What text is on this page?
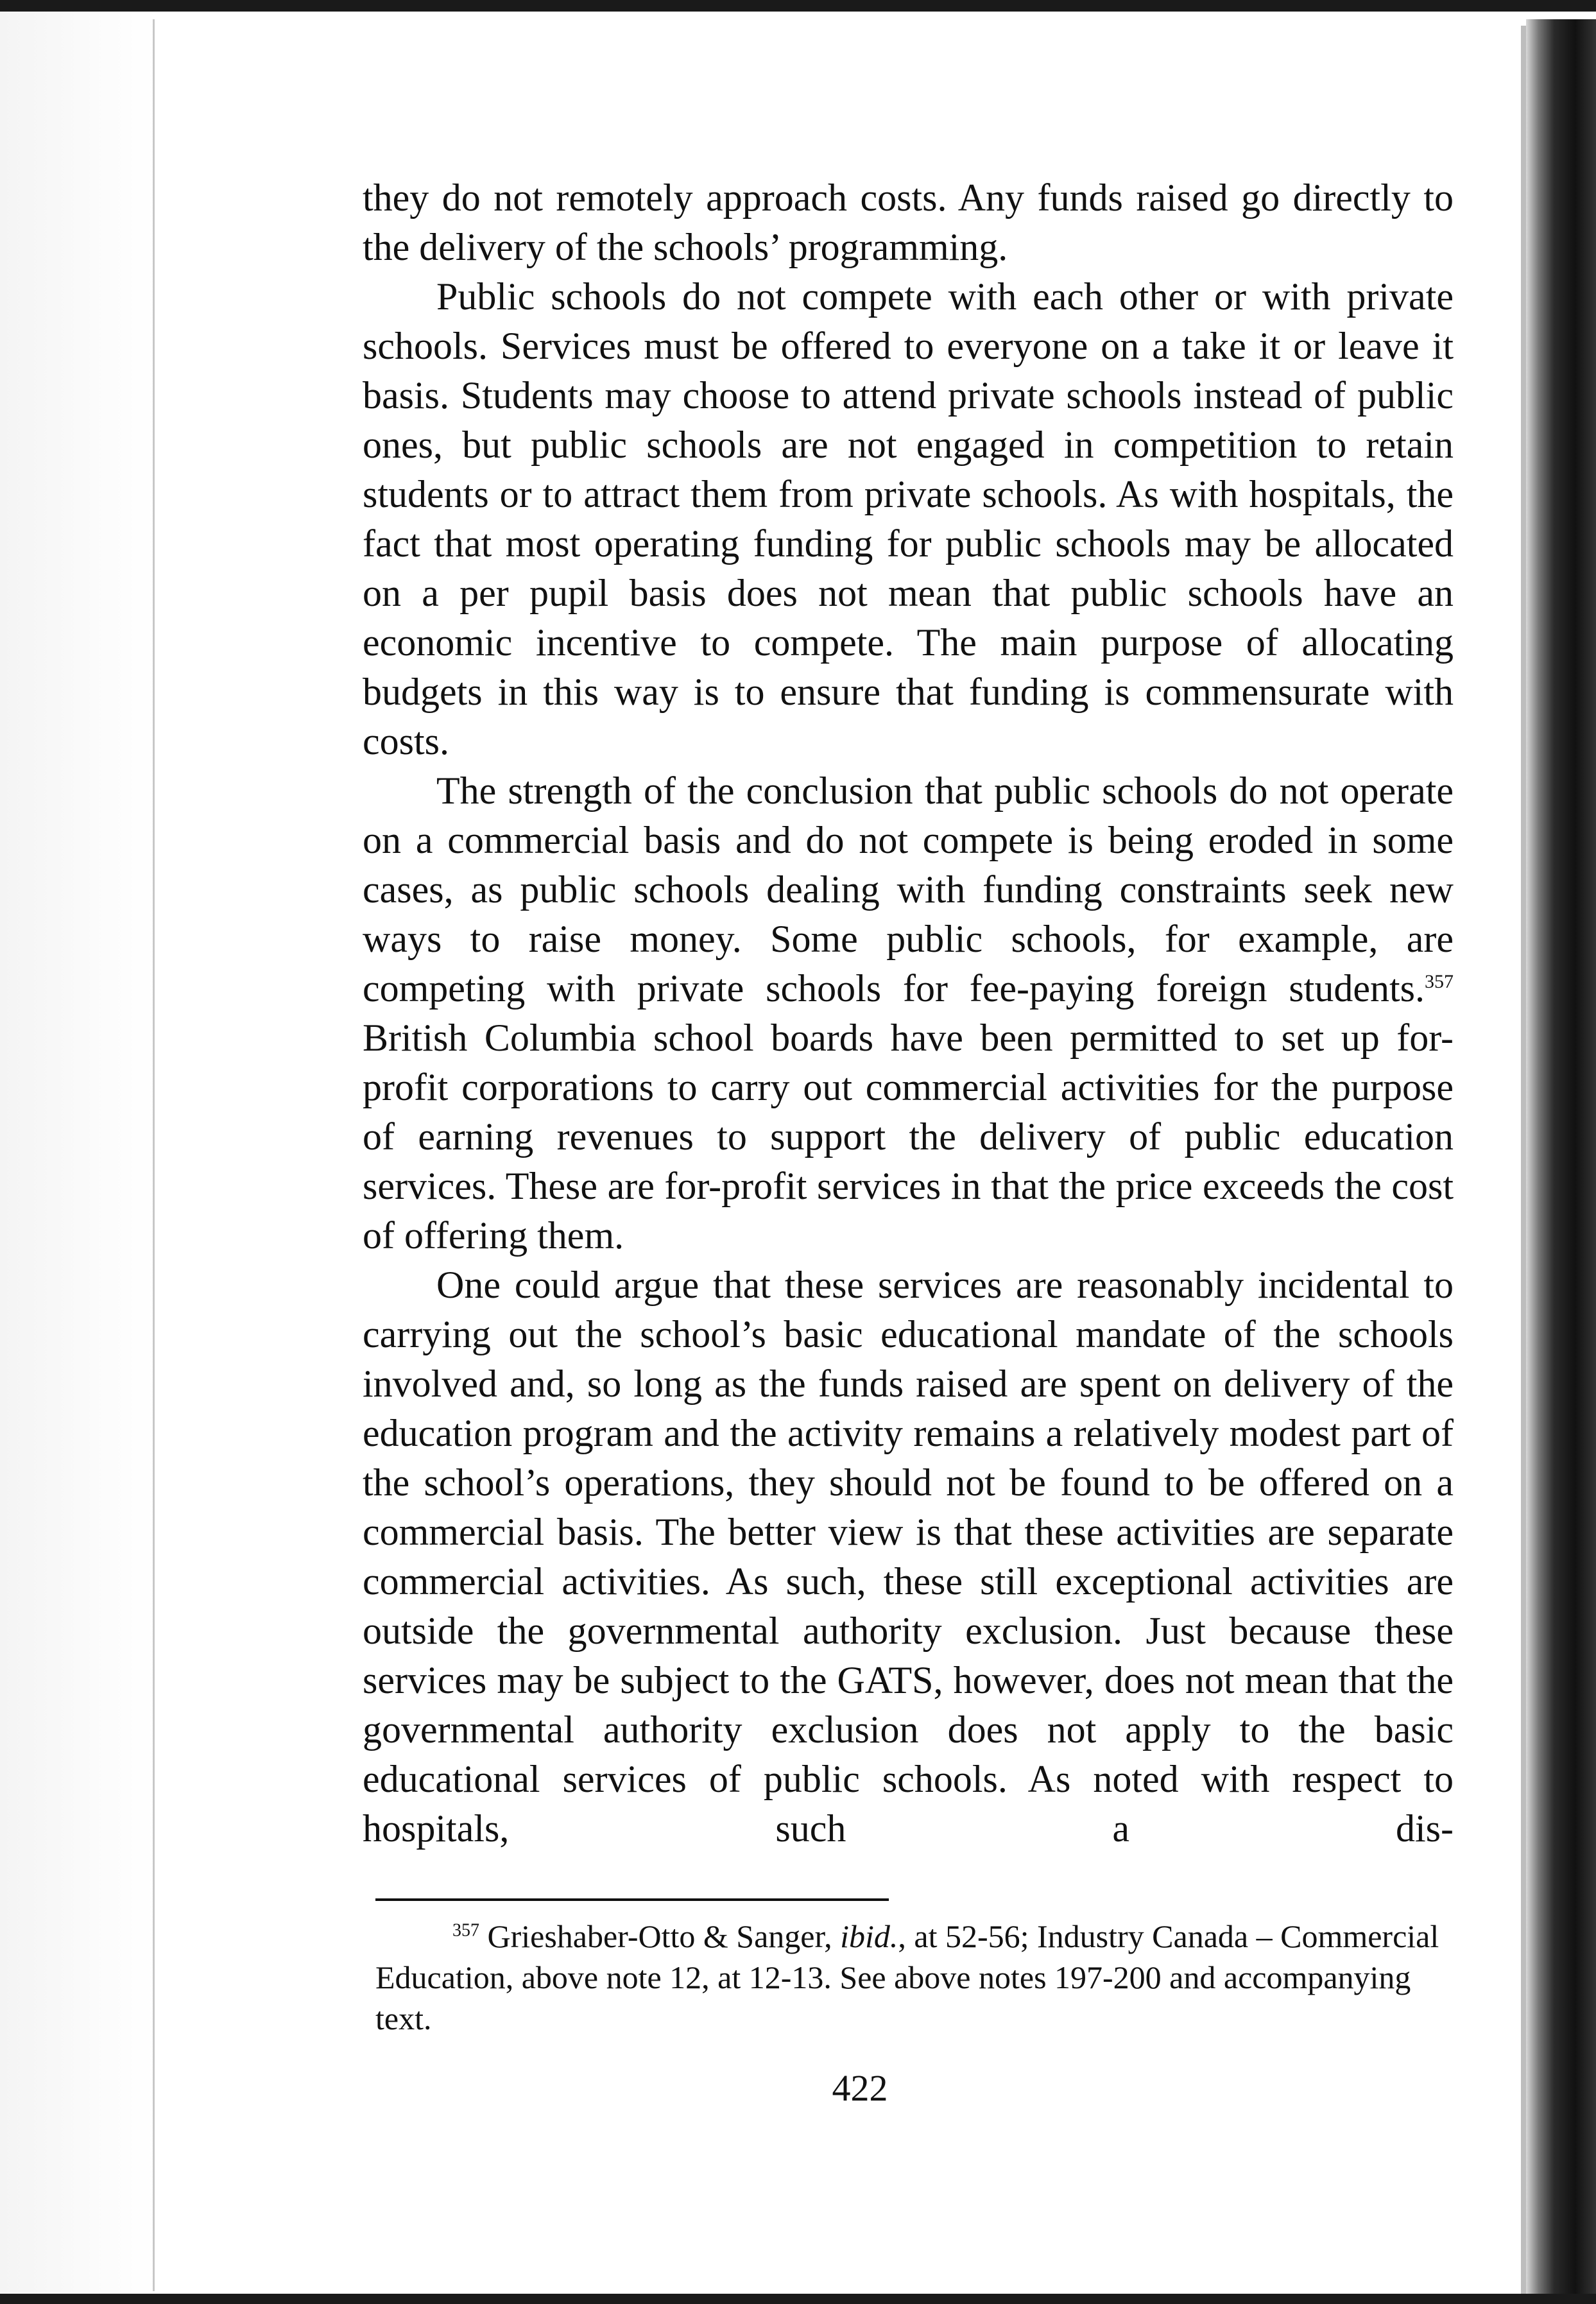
they do not remotely approach costs. Any funds raised go directly to the delivery of the schools’ programming.

Public schools do not compete with each other or with private schools. Services must be offered to everyone on a take it or leave it basis. Students may choose to attend private schools instead of public ones, but public schools are not engaged in competition to retain students or to attract them from private schools. As with hospitals, the fact that most operating funding for public schools may be allocated on a per pupil basis does not mean that public schools have an economic incentive to compete. The main purpose of allocating budgets in this way is to ensure that funding is commensurate with costs.

The strength of the conclusion that public schools do not operate on a commercial basis and do not compete is being eroded in some cases, as public schools dealing with funding constraints seek new ways to raise money. Some public schools, for example, are competing with private schools for fee-paying foreign students.$^{357}$ British Columbia school boards have been permitted to set up for-profit corporations to carry out commercial activities for the purpose of earning revenues to support the delivery of public education services. These are for-profit services in that the price exceeds the cost of offering them.

One could argue that these services are reasonably incidental to carrying out the school’s basic educational mandate of the schools involved and, so long as the funds raised are spent on delivery of the education program and the activity remains a relatively modest part of the school’s operations, they should not be found to be offered on a commercial basis. The better view is that these activities are separate commercial activities. As such, these still exceptional activities are outside the governmental authority exclusion. Just because these services may be subject to the GATS, however, does not mean that the governmental authority exclusion does not apply to the basic educational services of public schools. As noted with respect to hospitals, such a dis-

$^{357}$ Grieshaber-Otto & Sanger, ibid., at 52-56; Industry Canada – Commercial Education, above note 12, at 12-13. See above notes 197-200 and accompanying text.

422
